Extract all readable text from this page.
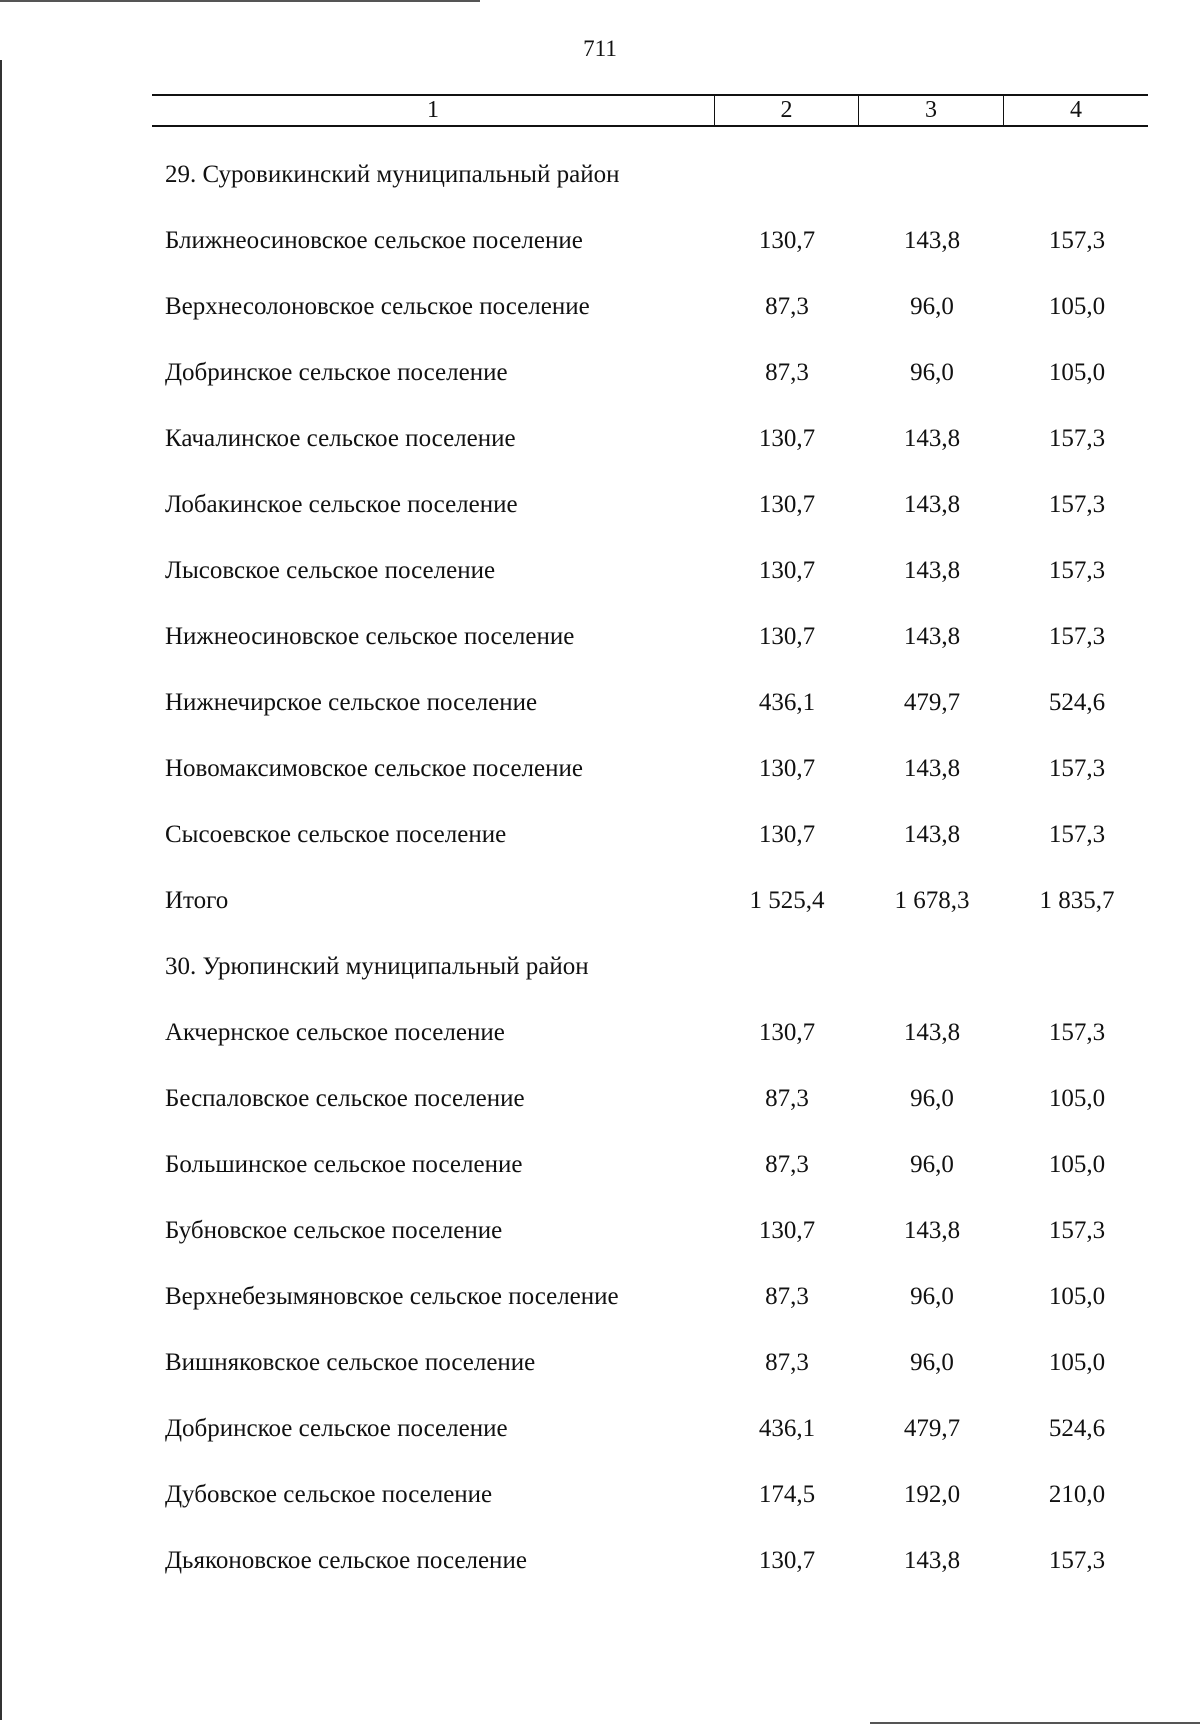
711
1	2	3	4
29. Суровикинский муниципальный район
Ближнеосиновское сельское поселение	130,7	143,8	157,3
Верхнесолоновское сельское поселение	87,3	96,0	105,0
Добринское сельское поселение	87,3	96,0	105,0
Качалинское сельское поселение	130,7	143,8	157,3
Лобакинское сельское поселение	130,7	143,8	157,3
Лысовское сельское поселение	130,7	143,8	157,3
Нижнеосиновское сельское поселение	130,7	143,8	157,3
Нижнечирское сельское поселение	436,1	479,7	524,6
Новомаксимовское сельское поселение	130,7	143,8	157,3
Сысоевское сельское поселение	130,7	143,8	157,3
Итого	1 525,4	1 678,3	1 835,7
30. Урюпинский муниципальный район
Акчернское сельское поселение	130,7	143,8	157,3
Беспаловское сельское поселение	87,3	96,0	105,0
Большинское сельское поселение	87,3	96,0	105,0
Бубновское сельское поселение	130,7	143,8	157,3
Верхнебезымяновское сельское поселение	87,3	96,0	105,0
Вишняковское сельское поселение	87,3	96,0	105,0
Добринское сельское поселение	436,1	479,7	524,6
Дубовское сельское поселение	174,5	192,0	210,0
Дьяконовское сельское поселение	130,7	143,8	157,3
